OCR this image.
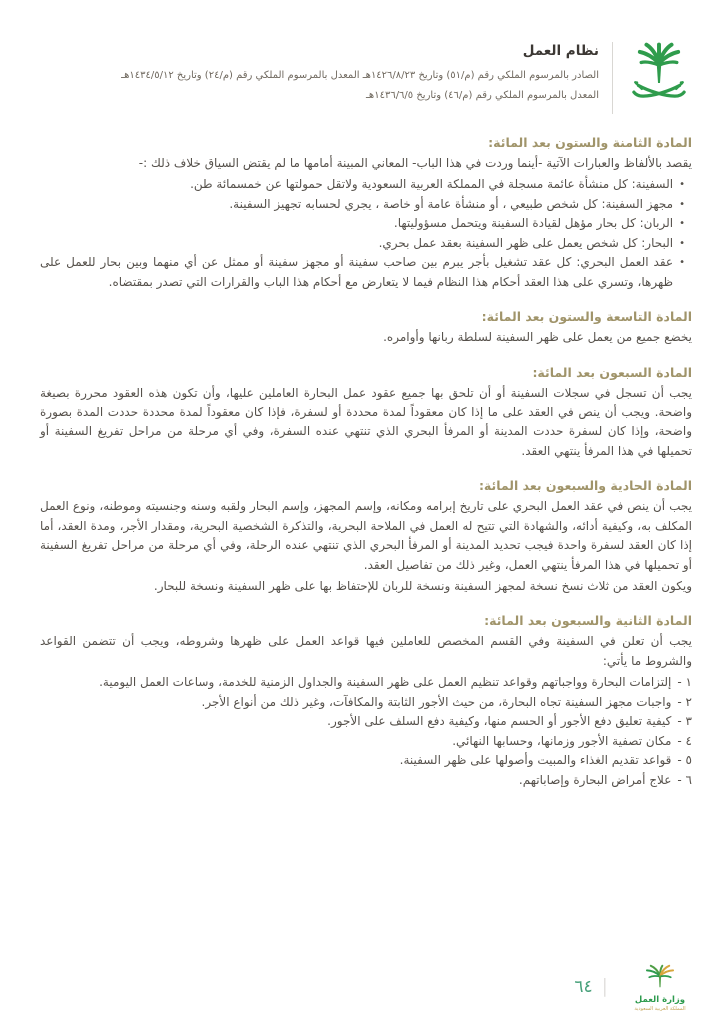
نظام العمل
الصادر بالمرسوم الملكي رقم (م/٥١) وتاريخ ١٤٢٦/٨/٢٣هـ المعدل بالمرسوم الملكي رقم (م/٢٤) وتاريخ ١٤٣٤/٥/١٢هـ
المعدل بالمرسوم الملكي رقم (م/٤٦) وتاريخ ١٤٣٦/٦/٥هـ
المادة الثامنة والستون بعد المائة:
يقصد بالألفاظ والعبارات الآتية -أينما وردت في هذا الباب- المعاني المبينة أمامها ما لم يقتض السياق خلاف ذلك :-
•
السفينة: كل منشأة عائمة مسجلة في المملكة العربية السعودية ولاتقل حمولتها عن خمسمائة طن.
•
مجهز السفينة: كل شخص طبيعي ، أو منشأة عامة أو خاصة ، يجري لحسابه تجهيز السفينة.
•
الربان: كل بحار مؤهل لقيادة السفينة ويتحمل مسؤوليتها.
•
البحار: كل شخص يعمل على ظهر السفينة بعقد عمل بحري.
•
عقد العمل البحري: كل عقد تشغيل بأجر يبرم بين صاحب سفينة أو مجهز سفينة أو ممثل عن أي منهما وبين بحار للعمل على ظهرها، وتسري على هذا العقد أحكام هذا النظام فيما لا يتعارض مع أحكام هذا الباب والقرارات التي تصدر بمقتضاه.
المادة التاسعة والستون بعد المائة:
يخضع جميع من يعمل على ظهر السفينة لسلطة ربانها وأوامره.
المادة السبعون بعد المائة:
يجب أن تسجل في سجلات السفينة أو أن تلحق بها جميع عقود عمل البحارة العاملين عليها، وأن تكون هذه العقود محررة بصيغة واضحة. ويجب أن ينص في العقد على ما إذا كان معقوداً لمدة محددة أو لسفرة، فإذا كان معقوداً لمدة محددة حددت المدة بصورة واضحة، وإذا كان لسفرة حددت المدينة أو المرفأ البحري الذي تنتهي عنده السفرة، وفي أي مرحلة من مراحل تفريغ السفينة أو تحميلها في هذا المرفأ ينتهي العقد.
المادة الحادية والسبعون بعد المائة:
يجب أن ينص في عقد العمل البحري على تاريخ إبرامه ومكانه، وإسم المجهز، وإسم البحار ولقبه وسنه وجنسيته وموطنه، ونوع العمل المكلف به، وكيفية أدائه، والشهادة التي تتيح له العمل في الملاحة البحرية، والتذكرة الشخصية البحرية، ومقدار الأجر، ومدة العقد، أما إذا كان العقد لسفرة واحدة فيجب تحديد المدينة أو المرفأ البحري الذي تنتهي عنده الرحلة، وفي أي مرحلة من مراحل تفريغ السفينة أو تحميلها في هذا المرفأ ينتهي العمل، وغير ذلك من تفاصيل العقد.
ويكون العقد من ثلاث نسخ نسخة لمجهز السفينة ونسخة للربان للإحتفاظ بها على ظهر السفينة ونسخة للبحار.
المادة الثانية والسبعون بعد المائة:
يجب أن تعلن في السفينة وفي القسم المخصص للعاملين فيها قواعد العمل على ظهرها وشروطه، ويجب أن تتضمن القواعد والشروط ما يأتي:
١ -
إلتزامات البحارة وواجباتهم وقواعد تنظيم العمل على ظهر السفينة والجداول الزمنية للخدمة، وساعات العمل اليومية.
٢ -
واجبات مجهز السفينة تجاه البحارة، من حيث الأجور الثابتة والمكافآت، وغير ذلك من أنواع الأجر.
٣ -
كيفية تعليق دفع الأجور أو الحسم منها، وكيفية دفع السلف على الأجور.
٤ -
مكان تصفية الأجور وزمانها، وحسابها النهائي.
٥ -
قواعد تقديم الغذاء والمبيت وأصولها على ظهر السفينة.
٦ -
علاج أمراض البحارة وإصاباتهم.
وزارة العمل
المملكة العربية السعودية
|
٦٤
